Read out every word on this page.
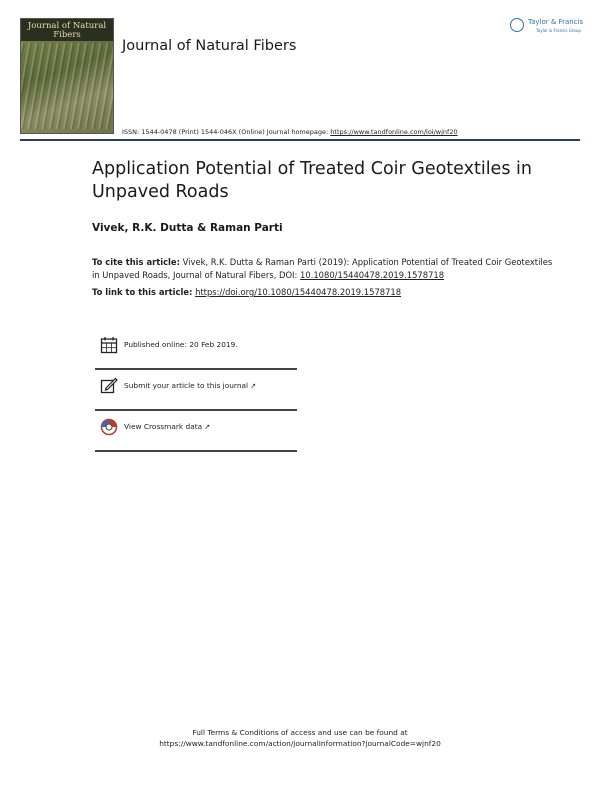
Journal of Natural Fibers
Journal of Natural Fibers
Taylor & Francis
Taylor & Francis Group
ISSN: 1544-0478 (Print) 1544-046X (Online) Journal homepage: https://www.tandfonline.com/loi/wjnf20
Application Potential of Treated Coir Geotextiles in Unpaved Roads
Vivek, R.K. Dutta & Raman Parti
To cite this article: Vivek, R.K. Dutta & Raman Parti (2019): Application Potential of Treated Coir Geotextiles in Unpaved Roads, Journal of Natural Fibers, DOI: 10.1080/15440478.2019.1578718
To link to this article: https://doi.org/10.1080/15440478.2019.1578718
Published online: 20 Feb 2019.
Submit your article to this journal ↗
View Crossmark data ↗
Full Terms & Conditions of access and use can be found at
https://www.tandfonline.com/action/journalInformation?journalCode=wjnf20
